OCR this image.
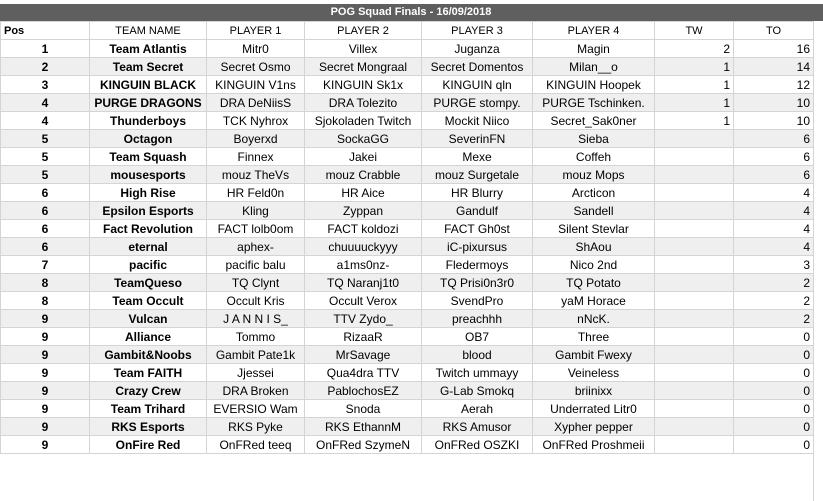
POG Squad Finals - 16/09/2018
Pos	TEAM NAME	PLAYER 1	PLAYER 2	PLAYER 3	PLAYER 4	TW	TO
1	Team Atlantis	Mitr0	Villex	Juganza	Magin	2	16
2	Team Secret	Secret Osmo	Secret Mongraal	Secret Domentos	Milan__o	1	14
3	KINGUIN BLACK	KINGUIN V1ns	KINGUIN Sk1x	KINGUIN qln	KINGUIN Hoopek	1	12
4	PURGE DRAGONS	DRA DeNiisS	DRA Tolezito	PURGE stompy.	PURGE Tschinken.	1	10
4	Thunderboys	TCK Nyhrox	Sjokoladen Twitch	Mockit Niico	Secret_Sak0ner	1	10
5	Octagon	Boyerxd	SockaGG	SeverinFN	Sieba		6
5	Team Squash	Finnex	Jakei	Mexe	Coffeh		6
5	mousesports	mouz TheVs	mouz Crabble	mouz Surgetale	mouz Mops		6
6	High Rise	HR Feld0n	HR Aice	HR Blurry	Arcticon		4
6	Epsilon Esports	Kling	Zyppan	Gandulf	Sandell		4
6	Fact Revolution	FACT lolb0om	FACT koldozi	FACT Gh0st	Silent Stevlar		4
6	eternal	aphex-	chuuuuckyyy	iC-pixursus	ShAou		4
7	pacific	pacific balu	a1ms0nz-	Fledermoys	Nico 2nd		3
8	TeamQueso	TQ Clynt	TQ Naranj1t0	TQ Prisi0n3r0	TQ Potato		2
8	Team Occult	Occult Kris	Occult Verox	SvendPro	yaM Horace		2
9	Vulcan	J A N N I S_	TTV Zydo_	preachhh	nNcK.		2
9	Alliance	Tommo	RizaaR	OB7	Three		0
9	Gambit&Noobs	Gambit Pate1k	MrSavage	blood	Gambit Fwexy		0
9	Team FAITH	Jjessei	Qua4dra TTV	Twitch ummayy	Veineless		0
9	Crazy Crew	DRA Broken	PablochosEZ	G-Lab Smokq	briinixx		0
9	Team Trihard	EVERSIO Wam	Snoda	Aerah	Underrated Litr0		0
9	RKS Esports	RKS Pyke	RKS EthannM	RKS Amusor	Xypher pepper		0
9	OnFire Red	OnFRed teeq	OnFRed SzymeN	OnFRed OSZKI	OnFRed Proshmeii		0
